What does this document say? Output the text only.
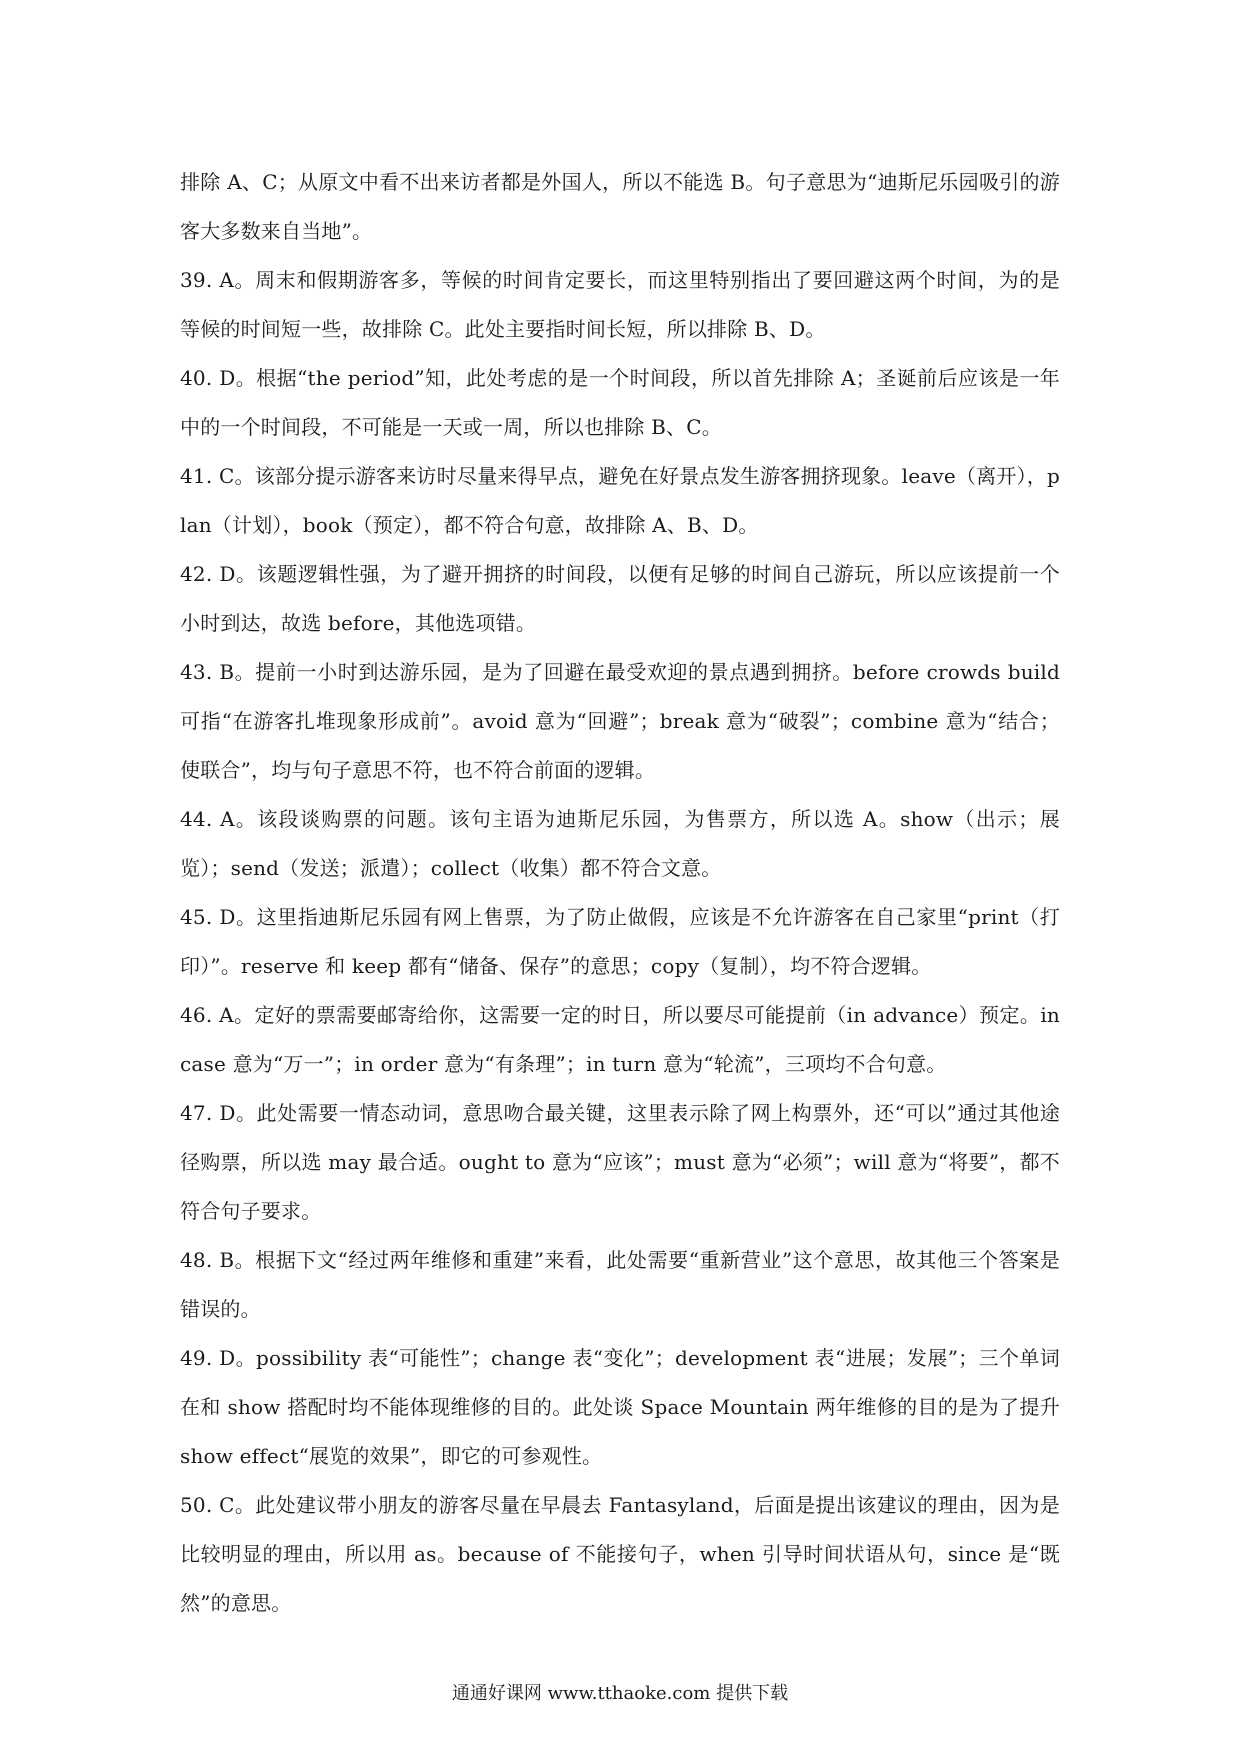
排除 A、C；从原文中看不出来访者都是外国人，所以不能选 B。句子意思为“迪斯尼乐园吸引的游客大多数来自当地”。

39. A。周末和假期游客多，等候的时间肯定要长，而这里特别指出了要回避这两个时间，为的是等候的时间短一些，故排除 C。此处主要指时间长短，所以排除 B、D。

40. D。根据“the period”知，此处考虑的是一个时间段，所以首先排除 A；圣诞前后应该是一年中的一个时间段，不可能是一天或一周，所以也排除 B、C。

41. C。该部分提示游客来访时尽量来得早点，避免在好景点发生游客拥挤现象。leave（离开），plan（计划），book（预定），都不符合句意，故排除 A、B、D。

42. D。该题逻辑性强，为了避开拥挤的时间段，以便有足够的时间自己游玩，所以应该提前一个小时到达，故选 before，其他选项错。

43. B。提前一小时到达游乐园，是为了回避在最受欢迎的景点遇到拥挤。before crowds build 可指“在游客扎堆现象形成前”。avoid 意为“回避”；break 意为“破裂”；combine 意为“结合；使联合”，均与句子意思不符，也不符合前面的逻辑。

44. A。该段谈购票的问题。该句主语为迪斯尼乐园，为售票方，所以选 A。show（出示；展览）；send（发送；派遣）；collect（收集）都不符合文意。

45. D。这里指迪斯尼乐园有网上售票，为了防止做假，应该是不允许游客在自己家里“print（打印）”。reserve 和 keep 都有“储备、保存”的意思；copy（复制），均不符合逻辑。

46. A。定好的票需要邮寄给你，这需要一定的时日，所以要尽可能提前（in advance）预定。in case 意为“万一”；in order 意为“有条理”；in turn 意为“轮流”，三项均不合句意。

47. D。此处需要一情态动词，意思吻合最关键，这里表示除了网上构票外，还“可以”通过其他途径购票，所以选 may 最合适。ought to 意为“应该”；must 意为“必须”；will 意为“将要”，都不符合句子要求。

48. B。根据下文“经过两年维修和重建”来看，此处需要“重新营业”这个意思，故其他三个答案是错误的。

49. D。possibility 表“可能性”；change 表“变化”；development 表“进展；发展”；三个单词在和 show 搭配时均不能体现维修的目的。此处谈 Space Mountain 两年维修的目的是为了提升 show effect“展览的效果”，即它的可参观性。

50. C。此处建议带小朋友的游客尽量在早晨去 Fantasyland，后面是提出该建议的理由，因为是比较明显的理由，所以用 as。because of 不能接句子，when 引导时间状语从句，since 是“既然”的意思。

通通好课网 www.tthaoke.com 提供下载
